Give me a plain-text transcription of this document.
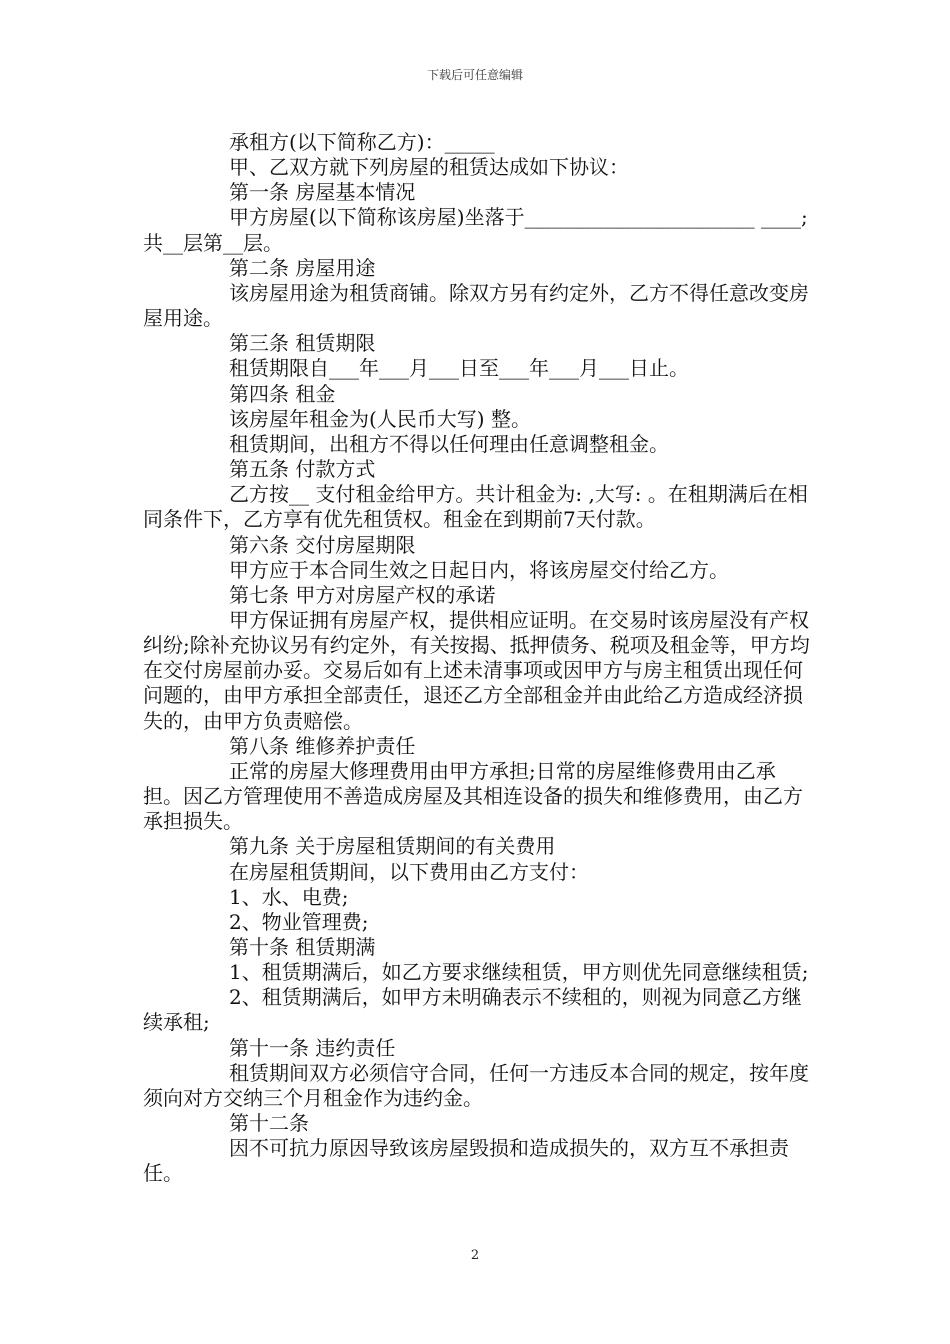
下载后可任意编辑

承租方(以下简称乙方)：_____

甲、乙双方就下列房屋的租赁达成如下协议：

第一条 房屋基本情况

甲方房屋(以下简称该房屋)坐落于_______________________ ____;共__层第__层。

第二条 房屋用途

该房屋用途为租赁商铺。除双方另有约定外，乙方不得任意改变房屋用途。

第三条 租赁期限

租赁期限自___年___月___日至___年___月___日止。

第四条 租金

该房屋年租金为(人民币大写) 整。

租赁期间，出租方不得以任何理由任意调整租金。

第五条 付款方式

乙方按__ 支付租金给甲方。共计租金为: ,大写: 。在租期满后在相同条件下，乙方享有优先租赁权。租金在到期前7天付款。

第六条 交付房屋期限

甲方应于本合同生效之日起日内，将该房屋交付给乙方。

第七条 甲方对房屋产权的承诺

甲方保证拥有房屋产权，提供相应证明。在交易时该房屋没有产权纠纷;除补充协议另有约定外，有关按揭、抵押债务、税项及租金等，甲方均在交付房屋前办妥。交易后如有上述未清事项或因甲方与房主租赁出现任何问题的，由甲方承担全部责任，退还乙方全部租金并由此给乙方造成经济损失的，由甲方负责赔偿。

第八条 维修养护责任

正常的房屋大修理费用由甲方承担;日常的房屋维修费用由乙承担。因乙方管理使用不善造成房屋及其相连设备的损失和维修费用，由乙方承担损失。

第九条 关于房屋租赁期间的有关费用

在房屋租赁期间，以下费用由乙方支付：

1、水、电费;

2、物业管理费;

第十条 租赁期满

1、租赁期满后，如乙方要求继续租赁，甲方则优先同意继续租赁;

2、租赁期满后，如甲方未明确表示不续租的，则视为同意乙方继续承租;

第十一条 违约责任

租赁期间双方必须信守合同，任何一方违反本合同的规定，按年度须向对方交纳三个月租金作为违约金。

第十二条

因不可抗力原因导致该房屋毁损和造成损失的，双方互不承担责任。

2
